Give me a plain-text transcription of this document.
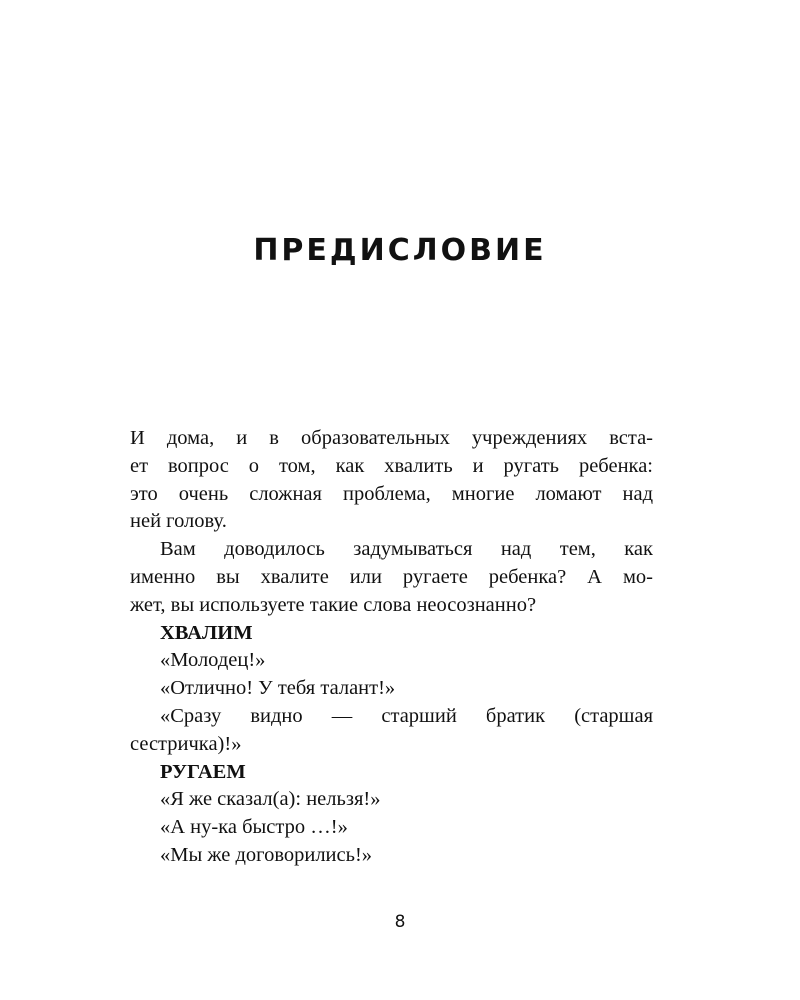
ПРЕДИСЛОВИЕ
И дома, и в образовательных учреждениях вста-
ет вопрос о том, как хвалить и ругать ребенка:
это очень сложная проблема, многие ломают над
ней голову.
Вам доводилось задумываться над тем, как
именно вы хвалите или ругаете ребенка? А мо-
жет, вы используете такие слова неосознанно?
ХВАЛИМ
«Молодец!»
«Отлично! У тебя талант!»
«Сразу видно — старший братик (старшая
сестричка)!»
РУГАЕМ
«Я же сказал(а): нельзя!»
«А ну-ка быстро …!»
«Мы же договорились!»
8
